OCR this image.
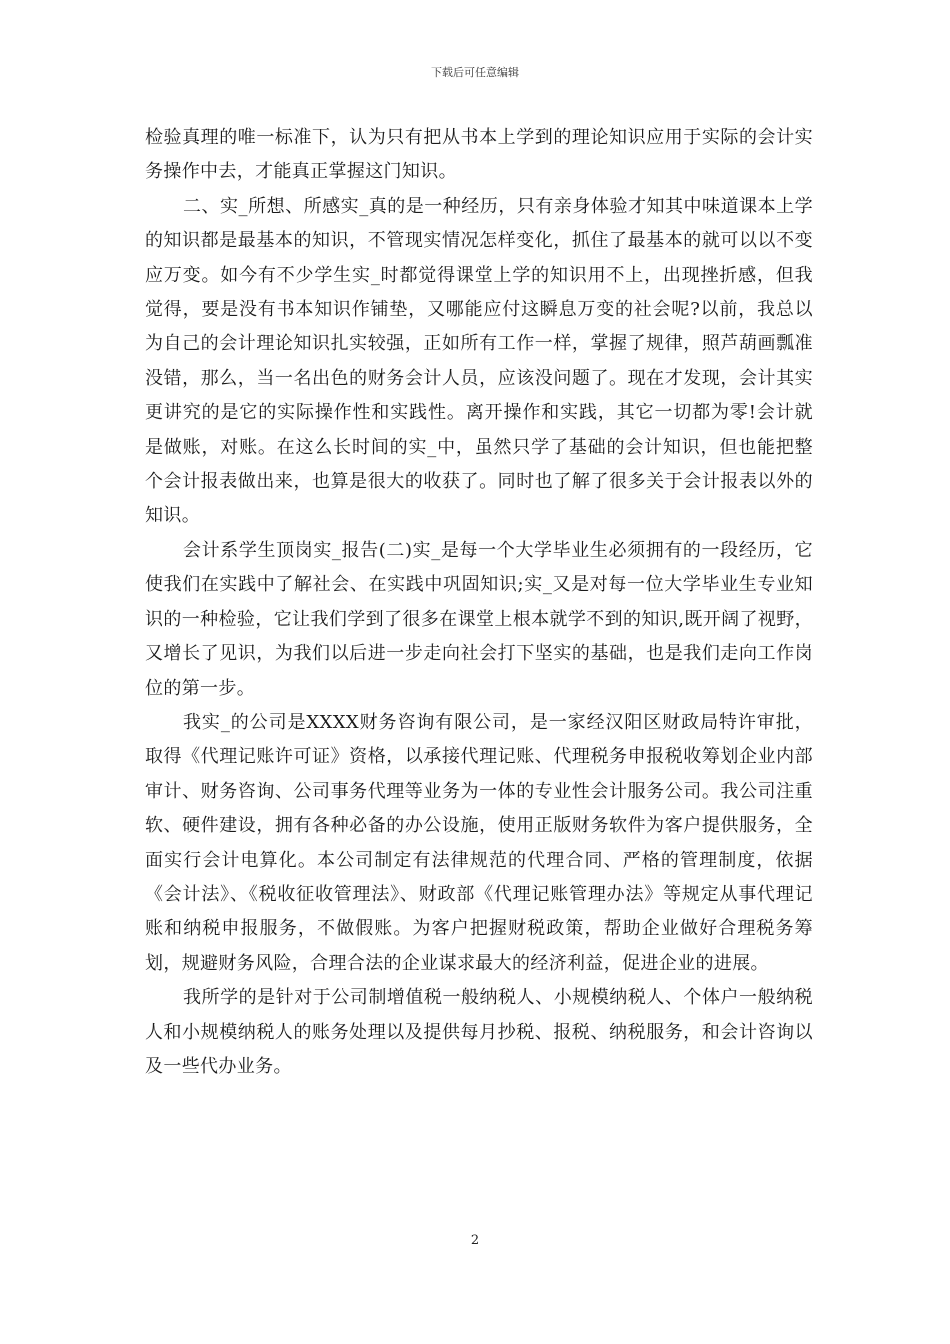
下载后可任意编辑

检验真理的唯一标准下，认为只有把从书本上学到的理论知识应用于实际的会计实务操作中去，才能真正掌握这门知识。

二、实_所想、所感实_真的是一种经历，只有亲身体验才知其中味道课本上学的知识都是最基本的知识，不管现实情况怎样变化，抓住了最基本的就可以以不变应万变。如今有不少学生实_时都觉得课堂上学的知识用不上，出现挫折感，但我觉得，要是没有书本知识作铺垫，又哪能应付这瞬息万变的社会呢?以前，我总以为自己的会计理论知识扎实较强，正如所有工作一样，掌握了规律，照芦葫画瓢准没错，那么，当一名出色的财务会计人员，应该没问题了。现在才发现，会计其实更讲究的是它的实际操作性和实践性。离开操作和实践，其它一切都为零!会计就是做账，对账。在这么长时间的实_中，虽然只学了基础的会计知识，但也能把整个会计报表做出来，也算是很大的收获了。同时也了解了很多关于会计报表以外的知识。

会计系学生顶岗实_报告(二)实_是每一个大学毕业生必须拥有的一段经历，它使我们在实践中了解社会、在实践中巩固知识;实_又是对每一位大学毕业生专业知识的一种检验，它让我们学到了很多在课堂上根本就学不到的知识,既开阔了视野，又增长了见识，为我们以后进一步走向社会打下坚实的基础，也是我们走向工作岗位的第一步。

我实_的公司是XXXX财务咨询有限公司，是一家经汉阳区财政局特许审批，取得《代理记账许可证》资格，以承接代理记账、代理税务申报税收筹划企业内部审计、财务咨询、公司事务代理等业务为一体的专业性会计服务公司。我公司注重软、硬件建设，拥有各种必备的办公设施，使用正版财务软件为客户提供服务，全面实行会计电算化。本公司制定有法律规范的代理合同、严格的管理制度，依据《会计法》、《税收征收管理法》、财政部《代理记账管理办法》等规定从事代理记账和纳税申报服务，不做假账。为客户把握财税政策，帮助企业做好合理税务筹划，规避财务风险，合理合法的企业谋求最大的经济利益，促进企业的进展。

我所学的是针对于公司制增值税一般纳税人、小规模纳税人、个体户一般纳税人和小规模纳税人的账务处理以及提供每月抄税、报税、纳税服务，和会计咨询以及一些代办业务。

2
